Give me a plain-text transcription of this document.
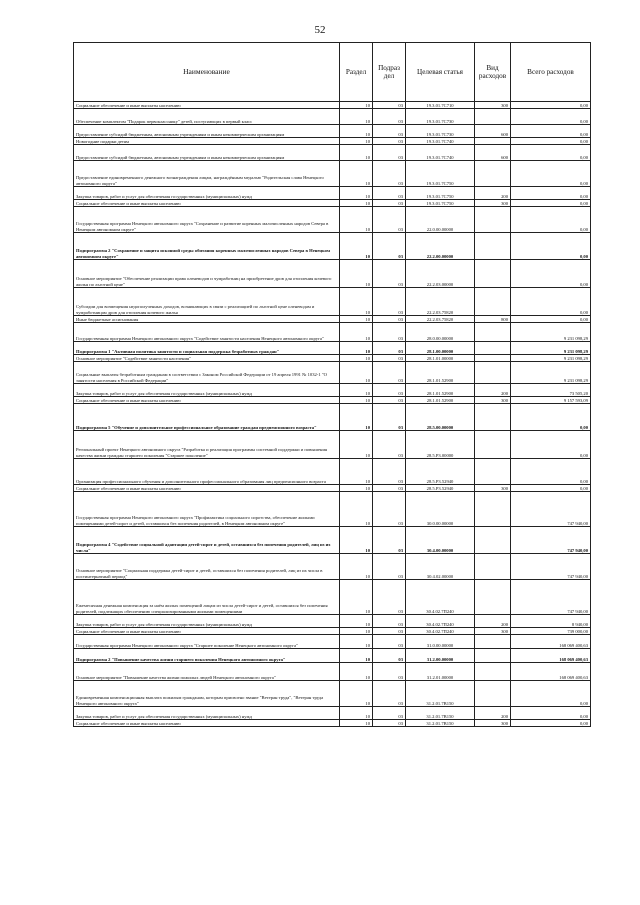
52
Наименование	Раздел	Подраз дел	Целевая статья	Вид расходов	Всего расходов
Социальное обеспечение и иные выплаты населению	10	03	19.3.01.7С710	300	0,00
Обеспечение комплектом "Подарок первокласснику" детей, поступающих в первый класс	10	03	19.3.01.7С730		0,00
Предоставление субсидий бюджетным, автономным учреждениям и иным некоммерческим организациям	10	03	19.3.01.7С730	600	0,00
Новогодние подарки детям	10	03	19.3.01.7С740		0,00
Предоставление субсидий бюджетным, автономным учреждениям и иным некоммерческим организациям	10	03	19.3.01.7С740	600	0,00
Предоставление единовременного денежного вознаграждения лицам, награждённым медалью "Родительская слава Ненецкого автономного округа"	10	03	19.3.01.7С750		0,00
Закупка товаров, работ и услуг для обеспечения государственных (муниципальных) нужд	10	03	19.3.01.7С750	200	0,00
Социальное обеспечение и иные выплаты населению	10	03	19.3.01.7С750	300	0,00
Государственная программа Ненецкого автономного округа "Сохранение и развитие коренных малочисленных народов Севера в Ненецком автономном округе"	10	03	22.0.00.00000		0,00
Подпрограмма 2 "Сохранение и защита исконной среды обитания коренных малочисленных народов Севера в Ненецком автономном округе"	10	03	22.2.00.00000		0,00
Основное мероприятие "Обеспечение реализации права оленеводов и чумработниц на приобретение дров для отопления кочевого жилья по льготной цене"	10	03	22.2.03.00000		0,00
Субсидии для возмещения недополученных доходов, возникающих в связи с реализацией по льготной цене оленеводам и чумработницам дров для отопления кочевого жилья	10	03	22.2.03.75820		0,00
Иные бюджетные ассигнования	10	03	22.2.03.75820	800	0,00
Государственная программа Ненецкого автономного округа "Содействие занятости населения Ненецкого автономного округа"	10	03	28.0.00.00000		9 231 098,29
Подпрограмма 1 "Активная политика занятости и социальная поддержка безработных граждан"	10	03	28.1.00.00000		9 231 098,29
Основное мероприятие "Содействие занятости населения"	10	03	28.1.01.00000		9 231 098,29
Социальные выплаты безработным гражданам в соответствии с Законом Российской Федерации от 19 апреля 1991 № 1032-1 "О занятости населения в Российской Федерации"	10	03	28.1.01.52900		9 231 098,29
Закупка товаров, работ и услуг для обеспечения государственных (муниципальных) нужд	10	03	28.1.01.52900	200	73 505,20
Социальное обеспечение и иные выплаты населению	10	03	28.1.01.52900	300	9 157 593,09
Подпрограмма 5 "Обучение и дополнительное профессиональное образование граждан предпенсионного возраста"	10	03	28.5.00.00000		0,00
Региональный проект Ненецкого автономного округа "Разработка и реализация программы системной поддержки и повышения качества жизни граждан старшего поколения "Старшее поколение"	10	03	28.5.P3.00000		0,00
Организация профессионального обучения и дополнительного профессионального образования лиц предпенсионного возраста	10	03	28.5.P3.52940		0,00
Социальное обеспечение и иные выплаты населению	10	03	28.5.P3.52940	300	0,00
Государственная программа Ненецкого автономного округа "Профилактика социального сиротства, обеспечение жилыми помещениями детей-сирот и детей, оставшихся без попечения родителей, в Ненецком автономном округе"	10	03	30.0.00.00000		747 940,00
Подпрограмма 4 "Содействие социальной адаптации детей-сирот и детей, оставшихся без попечения родителей, лиц из их числа"	10	03	30.4.00.00000		747 940,00
Основное мероприятие "Социальная поддержка детей-сирот и детей, оставшихся без попечения родителей, лиц из их числа в постинтернатный период"	10	03	30.4.02.00000		747 940,00
Ежемесячная денежная компенсация за наём жилых помещений лицам из числа детей-сирот и детей, оставшихся без попечения родителей, подлежащих обеспечению специализированными жилыми помещениями	10	03	30.4.02.7П240		747 940,00
Закупка товаров, работ и услуг для обеспечения государственных (муниципальных) нужд	10	03	30.4.02.7П240	200	8 940,00
Социальное обеспечение и иные выплаты населению	10	03	30.4.02.7П240	300	739 000,00
Государственная программа Ненецкого автономного округа "Старшее поколение Ненецкого автономного округа"	10	03	31.0.00.00000		168 069 400,63
Подпрограмма 2 "Повышение качества жизни старшего поколения Ненецкого автономного округа"	10	03	31.2.00.00000		168 069 400,63
Основное мероприятие "Повышение качества жизни пожилых людей Ненецкого автономного округа"	10	03	31.2.01.00000		168 069 400,63
Единовременная компенсационная выплата пожилым гражданам, которым присвоено звание "Ветеран труда", "Ветеран труда Ненецкого автономного округа"	10	03	31.2.01.7В150		0,00
Закупка товаров, работ и услуг для обеспечения государственных (муниципальных) нужд	10	03	31.2.01.7В150	200	0,00
Социальное обеспечение и иные выплаты населению	10	03	31.2.01.7В150	300	0,00
